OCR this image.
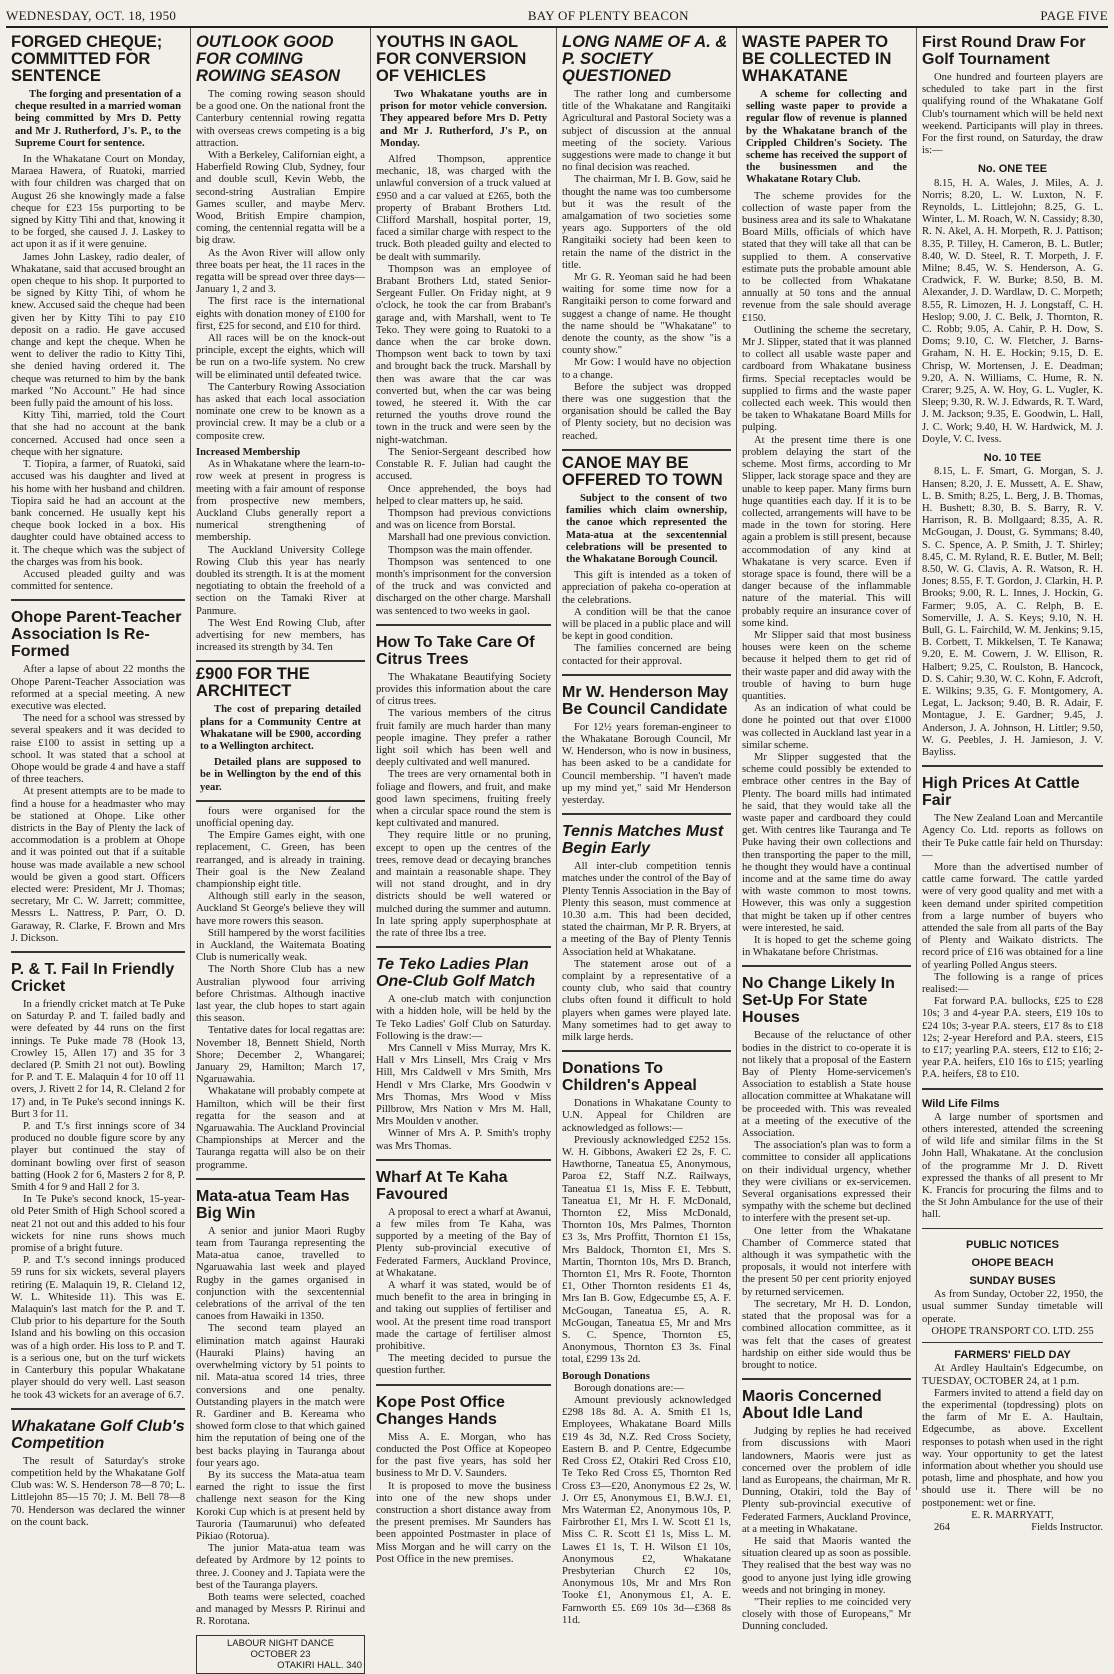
WEDNESDAY, OCT. 18, 1950	BAY OF PLENTY BEACON	PAGE FIVE
FORGED CHEQUE; COMMITTED FOR SENTENCE

The forging and presentation of a cheque resulted in a married woman being committed by Mrs D. Petty and Mr J. Rutherford, J's. P., to the Supreme Court for sentence.

In the Whakatane Court on Monday, Maraea Hawera, of Ruatoki, married with four children was charged that on August 26 she knowingly made a false cheque for £23 15s purporting to be signed by Kitty Tihi and that, knowing it to be forged, she caused J. J. Laskey to act upon it as if it were genuine.

James John Laskey, radio dealer, of Whakatane, said that accused brought an open cheque to his shop. It purported to be signed by Kitty Tihi, of whom he knew. Accused said the cheque had been given her by Kitty Tihi to pay £10 deposit on a radio. He gave accused change and kept the cheque. When he went to deliver the radio to Kitty Tihi, she denied having ordered it. The cheque was returned to him by the bank marked "No Account." He had since been fully paid the amount of his loss.

Kitty Tihi, married, told the Court that she had no account at the bank concerned. Accused had once seen a cheque with her signature.

T. Tiopira, a farmer, of Ruatoki, said accused was his daughter and lived at his home with her husband and children. Tiopira said he had an account at the bank concerned. He usually kept his cheque book locked in a box. His daughter could have obtained access to it. The cheque which was the subject of the charges was from his book.

Accused pleaded guilty and was committed for sentence.

Ohope Parent-Teacher Association Is Re-Formed

After a lapse of about 22 months the Ohope Parent-Teacher Association was reformed at a special meeting. A new executive was elected.

The need for a school was stressed by several speakers and it was decided to raise £100 to assist in setting up a school. It was stated that a school at Ohope would be grade 4 and have a staff of three teachers.

At present attempts are to be made to find a house for a headmaster who may be stationed at Ohope. Like other districts in the Bay of Plenty the lack of accommodation is a problem at Ohope and it was pointed out that if a suitable house was made available a new school would be given a good start. Officers elected were: President, Mr J. Thomas; secretary, Mr C. W. Jarrett; committee, Messrs L. Nattress, P. Parr, O. D. Garaway, R. Clarke, F. Brown and Mrs J. Dickson.

P. & T. Fail In Friendly Cricket

In a friendly cricket match at Te Puke on Saturday P. and T. failed badly and were defeated by 44 runs on the first innings. Te Puke made 78 (Hook 13, Crowley 15, Allen 17) and 35 for 3 declared (P. Smith 21 not out). Bowling for P. and T. E. Malaquin 4 for 10 off 11 overs, J. Rivett 2 for 14, R. Cleland 2 for 17) and, in Te Puke's second innings K. Burt 3 for 11.

P. and T.'s first innings score of 34 produced no double figure score by any player but continued the stay of dominant bowling over first of season batting (Hook 2 for 6, Masters 2 for 8, P. Smith 4 for 9 and Hall 2 for 3.

In Te Puke's second knock, 15-year-old Peter Smith of High School scored a neat 21 not out and this added to his four wickets for nine runs shows much promise of a bright future.

P. and T.'s second innings produced 59 runs for six wickets, several players retiring (E. Malaquin 19, R. Cleland 12, W. L. Whiteside 11). This was E. Malaquin's last match for the P. and T. Club prior to his departure for the South Island and his bowling on this occasion was of a high order. His loss to P. and T. is a serious one, but on the turf wickets in Canterbury this popular Whakatane player should do very well. Last season he took 43 wickets for an average of 6.7.

Whakatane Golf Club's Competition

The result of Saturday's stroke competition held by the Whakatane Golf Club was: W. S. Henderson 78—8 70; L. Littlejohn 85—15 70; J. M. Bell 78—8 70. Henderson was declared the winner on the count back.

OUTLOOK GOOD FOR COMING ROWING SEASON

The coming rowing season should be a good one. On the national front the Canterbury centennial rowing regatta with overseas crews competing is a big attraction.

With a Berkeley, Californian eight, a Haberfield Rowing Club, Sydney, four and double scull, Kevin Webb, the second-string Australian Empire Games sculler, and maybe Merv. Wood, British Empire champion, coming, the centennial regatta will be a big draw.

As the Avon River will allow only three boats per heat, the 11 races in the regatta will be spread over three days—January 1, 2 and 3.

The first race is the international eights with donation money of £100 for first, £25 for second, and £10 for third.

All races will be on the knock-out principle, except the eights, which will be run on a two-life system. No crew will be eliminated until defeated twice.

The Canterbury Rowing Association has asked that each local association nominate one crew to be known as a provincial crew. It may be a club or a composite crew.

Increased Membership

As in Whakatane where the learn-to-row week at present in progress is meeting with a fair amount of response from prospective new members, Auckland Clubs generally report a numerical strengthening of membership.

The Auckland University College Rowing Club this year has nearly doubled its strength. It is at the moment negotiating to obtain the freehold of a section on the Tamaki River at Panmure.

The West End Rowing Club, after advertising for new members, has increased its strength by 34. Ten

£900 FOR THE ARCHITECT

The cost of preparing detailed plans for a Community Centre at Whakatane will be £900, according to a Wellington architect.

Detailed plans are supposed to be in Wellington by the end of this year.

fours were organised for the unofficial opening day.

The Empire Games eight, with one replacement, C. Green, has been rearranged, and is already in training. Their goal is the New Zealand championship eight title.

Although still early in the season, Auckland St George's believe they will have more rowers this season.

Still hampered by the worst facilities in Auckland, the Waitemata Boating Club is numerically weak.

The North Shore Club has a new Australian plywood four arriving before Christmas. Although inactive last year, the club hopes to start again this season.

Tentative dates for local regattas are: November 18, Bennett Shield, North Shore; December 2, Whangarei; January 29, Hamilton; March 17, Ngaruawahia.

Whakatane will probably compete at Hamilton, which will be their first regatta for the season and at Ngaruawahia. The Auckland Provincial Championships at Mercer and the Tauranga regatta will also be on their programme.

Mata-atua Team Has Big Win

A senior and junior Maori Rugby team from Tauranga representing the Mata-atua canoe, travelled to Ngaruawahia last week and played Rugby in the games organised in conjunction with the sexcentennial celebrations of the arrival of the ten canoes from Hawaiki in 1350.

The second team played an elimination match against Hauraki (Hauraki Plains) having an overwhelming victory by 51 points to nil. Mata-atua scored 14 tries, three conversions and one penalty. Outstanding players in the match were R. Gardiner and B. Kereama who showed form close to that which gained him the reputation of being one of the best backs playing in Tauranga about four years ago.

By its success the Mata-atua team earned the right to issue the first challenge next season for the King Koroki Cup which is at present held by Tauroria (Taumarunui) who defeated Pikiao (Rotorua).

The junior Mata-atua team was defeated by Ardmore by 12 points to three. J. Cooney and J. Tapiata were the best of the Tauranga players.

Both teams were selected, coached and managed by Messrs P. Ririnui and R. Rorotana.

LABOUR NIGHT DANCE
OCTOBER 23
OTAKIRI HALL. 340
YOUTHS IN GAOL FOR CONVERSION OF VEHICLES

Two Whakatane youths are in prison for motor vehicle conversion. They appeared before Mrs D. Petty and Mr J. Rutherford, J's P., on Monday.

Alfred Thompson, apprentice mechanic, 18, was charged with the unlawful conversion of a truck valued at £950 and a car valued at £265, both the property of Brabant Brothers Ltd. Clifford Marshall, hospital porter, 19, faced a similar charge with respect to the truck. Both pleaded guilty and elected to be dealt with summarily.

Thompson was an employee of Brabant Brothers Ltd, stated Senior-Sergeant Fuller. On Friday night, at 9 o'clock, he took the car from Brabant's garage and, with Marshall, went to Te Teko. They were going to Ruatoki to a dance when the car broke down. Thompson went back to town by taxi and brought back the truck. Marshall by then was aware that the car was converted but, when the car was being towed, he steered it. With the car returned the youths drove round the town in the truck and were seen by the night-watchman.

The Senior-Sergeant described how Constable R. F. Julian had caught the accused.

Once apprehended, the boys had helped to clear matters up, he said.

Thompson had previous convictions and was on licence from Borstal.

Marshall had one previous conviction.

Thompson was the main offender.

Thompson was sentenced to one month's imprisonment for the conversion of the truck and was convicted and discharged on the other charge. Marshall was sentenced to two weeks in gaol.

How To Take Care Of Citrus Trees

The Whakatane Beautifying Society provides this information about the care of citrus trees.

The various members of the citrus fruit family are much harder than many people imagine. They prefer a rather light soil which has been well and deeply cultivated and well manured.

The trees are very ornamental both in foliage and flowers, and fruit, and make good lawn specimens, fruiting freely when a circular space round the stem is kept cultivated and manured.

They require little or no pruning, except to open up the centres of the trees, remove dead or decaying branches and maintain a reasonable shape. They will not stand drought, and in dry districts should be well watered or mulched during the summer and autumn. In late spring apply superphosphate at the rate of three lbs a tree.

Te Teko Ladies Plan One-Club Golf Match

A one-club match with conjunction with a hidden hole, will be held by the Te Teko Ladies' Golf Club on Saturday. Following is the draw:—

Mrs Cannell v Miss Murray, Mrs K. Hall v Mrs Linsell, Mrs Craig v Mrs Hill, Mrs Caldwell v Mrs Smith, Mrs Hendl v Mrs Clarke, Mrs Goodwin v Mrs Thomas, Mrs Wood v Miss Pillbrow, Mrs Nation v Mrs M. Hall, Mrs Moulden v another.

Winner of Mrs A. P. Smith's trophy was Mrs Thomas.

Wharf At Te Kaha Favoured

A proposal to erect a wharf at Awanui, a few miles from Te Kaha, was supported by a meeting of the Bay of Plenty sub-provincial executive of Federated Farmers, Auckland Province, at Whakatane.

A wharf it was stated, would be of much benefit to the area in bringing in and taking out supplies of fertiliser and wool. At the present time road transport made the cartage of fertiliser almost prohibitive.

The meeting decided to pursue the question further.

Kope Post Office Changes Hands

Miss A. E. Morgan, who has conducted the Post Office at Kopeopeo for the past five years, has sold her business to Mr D. V. Saunders.

It is proposed to move the business into one of the new shops under construction a short distance away from the present premises. Mr Saunders has been appointed Postmaster in place of Miss Morgan and he will carry on the Post Office in the new premises.

LONG NAME OF A. & P. SOCIETY QUESTIONED

The rather long and cumbersome title of the Whakatane and Rangitaiki Agricultural and Pastoral Society was a subject of discussion at the annual meeting of the society. Various suggestions were made to change it but no final decision was reached.

The chairman, Mr I. B. Gow, said he thought the name was too cumbersome but it was the result of the amalgamation of two societies some years ago. Supporters of the old Rangitaiki society had been keen to retain the name of the district in the title.

Mr G. R. Yeoman said he had been waiting for some time now for a Rangitaiki person to come forward and suggest a change of name. He thought the name should be "Whakatane" to denote the county, as the show "is a county show."

Mr Gow: I would have no objection to a change.

Before the subject was dropped there was one suggestion that the organisation should be called the Bay of Plenty society, but no decision was reached.

CANOE MAY BE OFFERED TO TOWN

Subject to the consent of two families which claim ownership, the canoe which represented the Mata-atua at the sexcentennial celebrations will be presented to the Whakatane Borough Council.

This gift is intended as a token of appreciation of pakeha co-operation at the celebrations.

A condition will be that the canoe will be placed in a public place and will be kept in good condition.

The families concerned are being contacted for their approval.

Mr W. Henderson May Be Council Candidate

For 12½ years foreman-engineer to the Whakatane Borough Council, Mr W. Henderson, who is now in business, has been asked to be a candidate for Council membership. "I haven't made up my mind yet," said Mr Henderson yesterday.

Tennis Matches Must Begin Early

All inter-club competition tennis matches under the control of the Bay of Plenty Tennis Association in the Bay of Plenty this season, must commence at 10.30 a.m. This had been decided, stated the chairman, Mr P. R. Bryers, at a meeting of the Bay of Plenty Tennis Association held at Whakatane.

The statement arose out of a complaint by a representative of a county club, who said that country clubs often found it difficult to hold players when games were played late. Many sometimes had to get away to milk large herds.

Donations To Children's Appeal

Donations in Whakatane County to U.N. Appeal for Children are acknowledged as follows:—

Previously acknowledged £252 15s. W. H. Gibbons, Awakeri £2 2s, F. C. Hawthorne, Taneatua £5, Anonymous, Paroa £2, Staff N.Z. Railways, Taneatua £1 1s, Miss F. E. Tebbutt, Taneatua £1, Mr H. F. McDonald, Thornton £2, Miss McDonald, Thornton 10s, Mrs Palmes, Thornton £3 3s, Mrs Proffitt, Thornton £1 15s, Mrs Baldock, Thornton £1, Mrs S. Martin, Thornton 10s, Mrs D. Branch, Thornton £1, Mrs R. Foote, Thornton £1, Other Thornton residents £1 4s, Mrs Ian B. Gow, Edgecumbe £5, A. F. McGougan, Taneatua £5, A. R. McGougan, Taneatua £5, Mr and Mrs S. C. Spence, Thornton £5, Anonymous, Thornton £3 3s. Final total, £299 13s 2d.

Borough Donations

Borough donations are:—

Amount previously acknowledged £298 18s 8d. A. A. Smith £1 1s, Employees, Whakatane Board Mills £19 4s 3d, N.Z. Red Cross Society, Eastern B. and P. Centre, Edgecumbe Red Cross £2, Otakiri Red Cross £10, Te Teko Red Cross £5, Thornton Red Cross £3—£20, Anonymous £2 2s, W. J. Orr £5, Anonymous £1, B.W.J. £1, Mrs Waterman £2, Anonymous 10s, P. Fairbrother £1, Mrs I. W. Scott £1 1s, Miss C. R. Scott £1 1s, Miss L. M. Lawes £1 1s, T. H. Wilson £1 10s, Anonymous £2, Whakatane Presbyterian Church £2 10s, Anonymous 10s, Mr and Mrs Ron Tooke £1, Anonymous £1, A. E. Farnworth £5. £69 10s 3d—£368 8s 11d.

WASTE PAPER TO BE COLLECTED IN WHAKATANE

A scheme for collecting and selling waste paper to provide a regular flow of revenue is planned by the Whakatane branch of the Crippled Children's Society. The scheme has received the support of the businessmen and the Whakatane Rotary Club.

The scheme provides for the collection of waste paper from the business area and its sale to Whakatane Board Mills, officials of which have stated that they will take all that can be supplied to them. A conservative estimate puts the probable amount able to be collected from Whakatane annually at 50 tons and the annual revenue from the sale should average £150.

Outlining the scheme the secretary, Mr J. Slipper, stated that it was planned to collect all usable waste paper and cardboard from Whakatane business firms. Special receptacles would be supplied to firms and the waste paper collected each week. This would then be taken to Whakatane Board Mills for pulping.

At the present time there is one problem delaying the start of the scheme. Most firms, according to Mr Slipper, lack storage space and they are unable to keep paper. Many firms burn huge quantities each day. If it is to be collected, arrangements will have to be made in the town for storing. Here again a problem is still present, because accommodation of any kind at Whakatane is very scarce. Even if storage space is found, there will be a danger because of the inflammable nature of the material. This will probably require an insurance cover of some kind.

Mr Slipper said that most business houses were keen on the scheme because it helped them to get rid of their waste paper and did away with the trouble of having to burn huge quantities.

As an indication of what could be done he pointed out that over £1000 was collected in Auckland last year in a similar scheme.

Mr Slipper suggested that the scheme could possibly be extended to embrace other centres in the Bay of Plenty. The board mills had intimated he said, that they would take all the waste paper and cardboard they could get. With centres like Tauranga and Te Puke having their own collections and then transporting the paper to the mill, he thought they would have a continual income and at the same time do away with waste common to most towns. However, this was only a suggestion that might be taken up if other centres were interested, he said.

It is hoped to get the scheme going in Whakatane before Christmas.

No Change Likely In Set-Up For State Houses

Because of the reluctance of other bodies in the district to co-operate it is not likely that a proposal of the Eastern Bay of Plenty Home-servicemen's Association to establish a State house allocation committee at Whakatane will be proceeded with. This was revealed at a meeting of the executive of the Association.

The association's plan was to form a committee to consider all applications on their individual urgency, whether they were civilians or ex-servicemen. Several organisations expressed their sympathy with the scheme but declined to interfere with the present set-up.

One letter from the Whakatane Chamber of Commerce stated that although it was sympathetic with the proposals, it would not interfere with the present 50 per cent priority enjoyed by returned servicemen.

The secretary, Mr H. D. London, stated that the proposal was for a combined allocation committee, as it was felt that the cases of greatest hardship on either side would thus be brought to notice.

Maoris Concerned About Idle Land

Judging by replies he had received from discussions with Maori landowners, Maoris were just as concerned over the problem of idle land as Europeans, the chairman, Mr R. Dunning, Otakiri, told the Bay of Plenty sub-provincial executive of Federated Farmers, Auckland Province, at a meeting in Whakatane.

He said that Maoris wanted the situation cleared up as soon as possible. They realised that the best way was no good to anyone just lying idle growing weeds and not bringing in money.

"Their replies to me coincided very closely with those of Europeans," Mr Dunning concluded.

First Round Draw For Golf Tournament

One hundred and fourteen players are scheduled to take part in the first qualifying round of the Whakatane Golf Club's tournament which will be held next weekend. Participants will play in threes. For the first round, on Saturday, the draw is:—

No. ONE TEE

8.15, H. A. Wales, J. Miles, A. J. Norris; 8.20, L. W. Luxton, N. F. Reynolds, L. Littlejohn; 8.25, G. L. Winter, L. M. Roach, W. N. Cassidy; 8.30, R. N. Akel, A. H. Morpeth, R. J. Pattison; 8.35, P. Tilley, H. Cameron, B. L. Butler; 8.40, W. D. Steel, R. T. Morpeth, J. F. Milne; 8.45, W. S. Henderson, A. G. Cradwick, F. W. Burke; 8.50, B. M. Alexander, J. D. Wardlaw, D. C. Morpeth; 8.55, R. Limozen, H. J. Longstaff, C. H. Heslop; 9.00, J. C. Belk, J. Thornton, R. C. Robb; 9.05, A. Cahir, P. H. Dow, S. Doms; 9.10, C. W. Fletcher, J. Barns-Graham, N. H. E. Hockin; 9.15, D. E. Chrisp, W. Mortensen, J. E. Deadman; 9.20, A. N. Williams, C. Hume, R. N. Crarer; 9.25, A. W. Hoy, G. L. Vugler, K. Sleep; 9.30, R. W. J. Edwards, R. T. Ward, J. M. Jackson; 9.35, E. Goodwin, L. Hall, J. C. Work; 9.40, H. W. Hardwick, M. J. Doyle, V. C. Ivess.

No. 10 TEE

8.15, L. F. Smart, G. Morgan, S. J. Hansen; 8.20, J. E. Mussett, A. E. Shaw, L. B. Smith; 8.25, L. Berg, J. B. Thomas, H. Bushett; 8.30, B. S. Barry, R. V. Harrison, R. B. Mollgaard; 8.35, A. R. McGougan, J. Doust, G. Symmans; 8.40, S. C. Spence, A. P. Smith, J. T. Shirley; 8.45, C. M. Ryland, R. E. Butler, M. Bell; 8.50, W. G. Clavis, A. R. Watson, R. H. Jones; 8.55, F. T. Gordon, J. Clarkin, H. P. Brooks; 9.00, R. L. Innes, J. Hockin, G. Farmer; 9.05, A. C. Relph, B. E. Somerville, J. A. S. Keys; 9.10, N. H. Bull, G. L. Fairchild, W. M. Jenkins; 9.15, B. Corbett, T. Mikkelsen, T. Te Kanawa; 9.20, E. M. Cowern, J. W. Ellison, R. Halbert; 9.25, C. Roulston, B. Hancock, D. S. Cahir; 9.30, W. C. Kohn, F. Adcroft, E. Wilkins; 9.35, G. F. Montgomery, A. Legat, L. Jackson; 9.40, B. R. Adair, F. Montague, J. E. Gardner; 9.45, J. Anderson, J. A. Johnson, H. Littler; 9.50, W. G. Peebles, J. H. Jamieson, J. V. Bayliss.

High Prices At Cattle Fair

The New Zealand Loan and Mercantile Agency Co. Ltd. reports as follows on their Te Puke cattle fair held on Thursday:—

More than the advertised number of cattle came forward. The cattle yarded were of very good quality and met with a keen demand under spirited competition from a large number of buyers who attended the sale from all parts of the Bay of Plenty and Waikato districts. The record price of £16 was obtained for a line of yearling Polled Angus steers.

The following is a range of prices realised:—

Fat forward P.A. bullocks, £25 to £28 10s; 3 and 4-year P.A. steers, £19 10s to £24 10s; 3-year P.A. steers, £17 8s to £18 12s; 2-year Hereford and P.A. steers, £15 to £17; yearling P.A. steers, £12 to £16; 2-year P.A. heifers, £10 16s to £15; yearling P.A. heifers, £8 to £10.

Wild Life Films

A large number of sportsmen and others interested, attended the screening of wild life and similar films in the St John Hall, Whakatane. At the conclusion of the programme Mr J. D. Rivett expressed the thanks of all present to Mr K. Francis for procuring the films and to the St John Ambulance for the use of their hall.

PUBLIC NOTICES
OHOPE BEACH
SUNDAY BUSES

As from Sunday, October 22, 1950, the usual summer Sunday timetable will operate.

OHOPE TRANSPORT CO. LTD. 255

FARMERS' FIELD DAY

At Ardley Haultain's Edgecumbe, on TUESDAY, OCTOBER 24, at 1 p.m.

Farmers invited to attend a field day on the experimental (topdressing) plots on the farm of Mr E. A. Haultain, Edgecumbe, as above. Excellent responses to potash when used in the right way. Your opportunity to get the latest information about whether you should use potash, lime and phosphate, and how you should use it. There will be no postponement: wet or fine.

E. R. MARRYATT,

264	Fields Instructor.
